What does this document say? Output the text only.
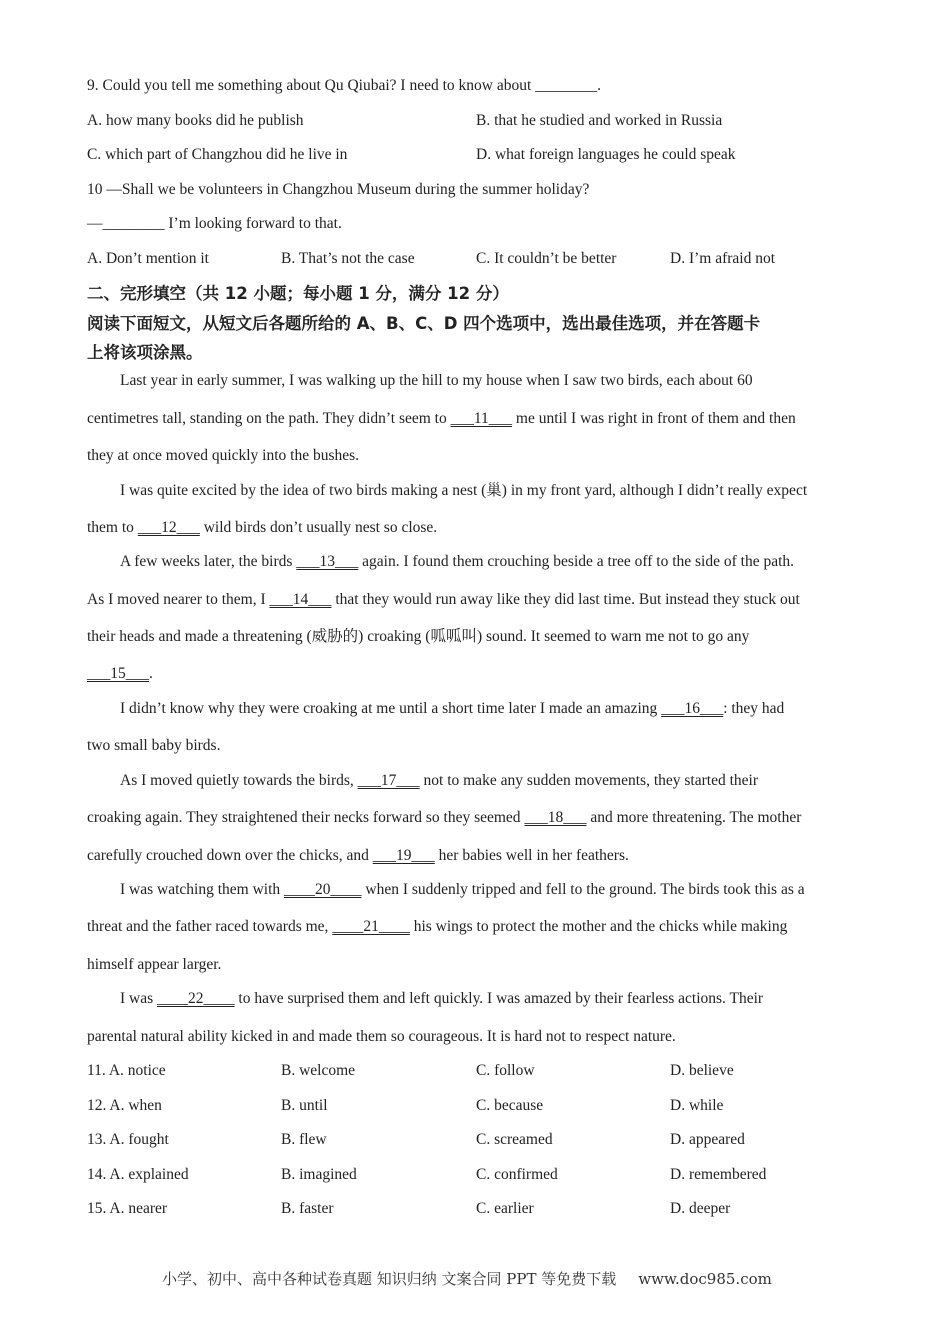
9. Could you tell me something about Qu Qiubai? I need to know about ________.
A. how many books did he publish	B. that he studied and worked in Russia
C. which part of Changzhou did he live in	D. what foreign languages he could speak
10 —Shall we be volunteers in Changzhou Museum during the summer holiday?
—________ I’m looking forward to that.
A. Don’t mention it	B. That’s not the case	C. It couldn’t be better	D. I’m afraid not
二、完形填空（共 12 小题；每小题 1 分，满分 12 分）
阅读下面短文，从短文后各题所给的 A、B、C、D 四个选项中，选出最佳选项，并在答题卡
上将该项涂黑。
Last year in early summer, I was walking up the hill to my house when I saw two birds, each about 60
centimetres tall, standing on the path. They didn’t seem to ___11___ me until I was right in front of them and then
they at once moved quickly into the bushes.
I was quite excited by the idea of two birds making a nest (巢) in my front yard, although I didn’t really expect
them to ___12___ wild birds don’t usually nest so close.
A few weeks later, the birds ___13___ again. I found them crouching beside a tree off to the side of the path.
As I moved nearer to them, I ___14___ that they would run away like they did last time. But instead they stuck out
their heads and made a threatening (威胁的) croaking (呱呱叫) sound. It seemed to warn me not to go any
___15___.
I didn’t know why they were croaking at me until a short time later I made an amazing ___16___: they had
two small baby birds.
As I moved quietly towards the birds, ___17___ not to make any sudden movements, they started their
croaking again. They straightened their necks forward so they seemed ___18___ and more threatening. The mother
carefully crouched down over the chicks, and ___19___ her babies well in her feathers.
I was watching them with ____20____ when I suddenly tripped and fell to the ground. The birds took this as a
threat and the father raced towards me, ____21____ his wings to protect the mother and the chicks while making
himself appear larger.
I was ____22____ to have surprised them and left quickly. I was amazed by their fearless actions. Their
parental natural ability kicked in and made them so courageous. It is hard not to respect nature.
11. A. notice	B. welcome	C. follow	D. believe
12. A. when	B. until	C. because	D. while
13. A. fought	B. flew	C. screamed	D. appeared
14. A. explained	B. imagined	C. confirmed	D. remembered
15. A. nearer	B. faster	C. earlier	D. deeper
小学、初中、高中各种试卷真题 知识归纳 文案合同 PPT 等免费下载 www.doc985.com
